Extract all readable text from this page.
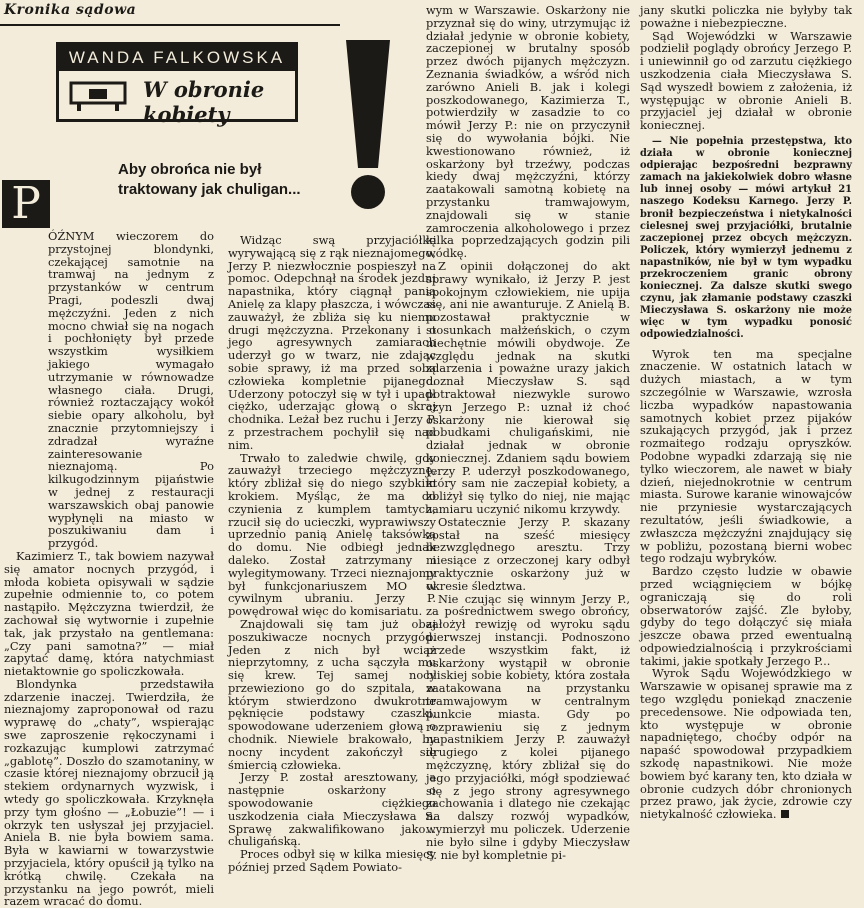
Kronika sądowa
WANDA FALKOWSKA
W obronie kobiety
Aby obrońca nie był traktowany jak chuligan...
P

ÓŹNYM wieczorem do przystojnej blondynki, czekającej samotnie na tramwaj na jednym z przystanków w centrum Pragi, podeszli dwaj mężczyźni. Jeden z nich mocno chwiał się na nogach i pochłonięty był przede wszystkim wysiłkiem jakiego wymagało utrzymanie w równowadze własnego ciała. Drugi, również roztaczający wokół siebie opary alkoholu, był znacznie przytomniejszy i zdradzał wyraźne zainteresowanie nieznajomą. Po kilkugodzinnym pijaństwie w jednej z restauracji warszawskich obaj panowie wypłynęli na miasto w poszukiwaniu dam i przygód.

Kazimierz T., tak bowiem nazywał się amator nocnych przygód, i młoda kobieta opisywali w sądzie zupełnie odmiennie to, co potem nastąpiło. Mężczyzna twierdził, że zachował się wytwornie i zupełnie tak, jak przystało na gentlemana: „Czy pani samotna?” — miał zapytać damę, która natychmiast nietaktownie go spoliczkowała.

Blondynka przedstawiła zdarzenie inaczej. Twierdziła, że nieznajomy zaproponował od razu wyprawę do „chaty”, wspierając swe zaproszenie rękoczynami i rozkazując kumplowi zatrzymać „gablotę”. Doszło do szamotaniny, w czasie której nieznajomy obrzucił ją stekiem ordynarnych wyzwisk, i wtedy go spoliczkowała. Krzyknęła przy tym głośno — „Łobuzie”! — i okrzyk ten usłyszał jej przyjaciel. Aniela B. nie była bowiem sama. Była w kawiarni w towarzystwie przyjaciela, który opuścił ją tylko na krótką chwilę. Czekała na przystanku na jego powrót, mieli razem wracać do domu.

Widząc swą przyjaciółkę wyrywającą się z rąk nieznajomego, Jerzy P. niezwłocznie pospieszył na pomoc. Odepchnął na środek jezdni napastnika, który ciągnął panią Anielę za klapy płaszcza, i wówczas zauważył, że zbliża się ku niemu drugi mężczyzna. Przekonany i o jego agresywnych zamiarach uderzył go w twarz, nie zdając sobie sprawy, iż ma przed sobą człowieka kompletnie pijanego. Uderzony potoczył się w tył i upadł ciężko, uderzając głową o skraj chodnika. Leżał bez ruchu i Jerzy P. z przestrachem pochylił się nad nim.

Trwało to zaledwie chwilę, gdy zauważył trzeciego mężczyznę, który zbliżał się do niego szybkim krokiem. Myśląc, że ma do czynienia z kumplem tamtych, rzucił się do ucieczki, wyprawiwszy uprzednio panią Anielę taksówką do domu. Nie odbiegł jednak daleko. Został zatrzymany i wylegitymowany. Trzeci nieznajomy był funkcjonariuszem MO w cywilnym ubraniu. Jerzy P. powędrował więc do komisariatu.

Znajdowali się tam już obaj poszukiwacze nocnych przygód. Jeden z nich był wciąż nieprzytomny, z ucha sączyła mu się krew. Tej samej nocy przewieziono go do szpitala, w którym stwierdzono dwukrotne pęknięcie podstawy czaszki, spowodowane uderzeniem głową o chodnik. Niewiele brakowało, by nocny incydent zakończył się śmiercią człowieka.

Jerzy P. został aresztowany, a następnie oskarżony o spowodowanie ciężkiego uszkodzenia ciała Mieczysława S. Sprawę zakwalifikowano jako... chuligańską.

Proces odbył się w kilka miesięcy później przed Sądem Powiato-

wym w Warszawie. Oskarżony nie przyznał się do winy, utrzymując iż działał jedynie w obronie kobiety, zaczepionej w brutalny sposób przez dwóch pijanych mężczyzn. Zeznania świadków, a wśród nich zarówno Anieli B. jak i kolegi poszkodowanego, Kazimierza T., potwierdziły w zasadzie to co mówił Jerzy P.: nie on przyczynił się do wywołania bójki. Nie kwestionowano również, iż oskarżony był trzeźwy, podczas kiedy dwaj mężczyźni, którzy zaatakowali samotną kobietę na przystanku tramwajowym, znajdowali się w stanie zamroczenia alkoholowego i przez kilka poprzedzających godzin pili wódkę.

Z opinii dołączonej do akt sprawy wynikało, iż Jerzy P. jest spokojnym człowiekiem, nie upija się, ani nie awanturuje. Z Anielą B. pozostawał praktycznie w stosunkach małżeńskich, o czym niechętnie mówili obydwoje. Ze względu jednak na skutki zdarzenia i poważne urazy jakich doznał Mieczysław S. sąd potraktował niezwykle surowo czyn Jerzego P.: uznał iż choć oskarżony nie kierował się pobudkami chuligańskimi, nie działał jednak w obronie koniecznej. Zdaniem sądu bowiem Jerzy P. uderzył poszkodowanego, który sam nie zaczepiał kobiety, a zbliżył się tylko do niej, nie mając zamiaru uczynić nikomu krzywdy.

Ostatecznie Jerzy P. skazany został na sześć miesięcy bezwzględnego aresztu. Trzy miesiące z orzeczonej kary odbył praktycznie oskarżony już w okresie śledztwa.

Nie czując się winnym Jerzy P., za pośrednictwem swego obrońcy, założył rewizję od wyroku sądu pierwszej instancji. Podnoszono przede wszystkim fakt, iż oskarżony wystąpił w obronie bliskiej sobie kobiety, która została zaatakowana na przystanku tramwajowym w centralnym punkcie miasta. Gdy po rozprawieniu się z jednym napastnikiem Jerzy P. zauważył drugiego z kolei pijanego mężczyznę, który zbliżał się do jego przyjaciółki, mógł spodziewać się z jego strony agresywnego zachowania i dlatego nie czekając na dalszy rozwój wypadków, wymierzył mu policzek. Uderzenie nie było silne i gdyby Mieczysław S. nie był kompletnie pi-

jany skutki policzka nie byłyby tak poważne i niebezpieczne.

Sąd Wojewódzki w Warszawie podzielił poglądy obrońcy Jerzego P. i uniewinnił go od zarzutu ciężkiego uszkodzenia ciała Mieczysława S. Sąd wyszedł bowiem z założenia, iż występując w obronie Anieli B. przyjaciel jej działał w obronie koniecznej.

— Nie popełnia przestępstwa, kto działa w obronie koniecznej odpierając bezpośredni bezprawny zamach na jakiekolwiek dobro własne lub innej osoby — mówi artykuł 21 naszego Kodeksu Karnego. Jerzy P. bronił bezpieczeństwa i nietykalności cielesnej swej przyjaciółki, brutalnie zaczepionej przez obcych mężczyzn. Policzek, który wymierzył jednemu z napastników, nie był w tym wypadku przekroczeniem granic obrony koniecznej. Za dalsze skutki swego czynu, jak złamanie podstawy czaszki Mieczysława S. oskarżony nie może więc w tym wypadku ponosić odpowiedzialności.

Wyrok ten ma specjalne znaczenie. W ostatnich latach w dużych miastach, a w tym szczególnie w Warszawie, wzrosła liczba wypadków napastowania samotnych kobiet przez pijaków szukających przygód, jak i przez rozmaitego rodzaju opryszków. Podobne wypadki zdarzają się nie tylko wieczorem, ale nawet w biały dzień, niejednokrotnie w centrum miasta. Surowe karanie winowajców nie przyniesie wystarczających rezultatów, jeśli świadkowie, a zwłaszcza mężczyźni znajdujący się w pobliżu, pozostaną bierni wobec tego rodzaju wybryków.

Bardzo często ludzie w obawie przed wciągnięciem w bójkę ograniczają się do roli obserwatorów zajść. Zle byłoby, gdyby do tego dołączyć się miała jeszcze obawa przed ewentualną odpowiedzialnością i przykrościami takimi, jakie spotkały Jerzego P...

Wyrok Sądu Wojewódzkiego w Warszawie w opisanej sprawie ma z tego względu poniekąd znaczenie precedensowe. Nie odpowiada ten, kto występuje w obronie napadniętego, choćby odpór na napaść spowodował przypadkiem szkodę napastnikowi. Nie może bowiem być karany ten, kto działa w obronie cudzych dóbr chronionych przez prawo, jak życie, zdrowie czy nietykalność człowieka.
